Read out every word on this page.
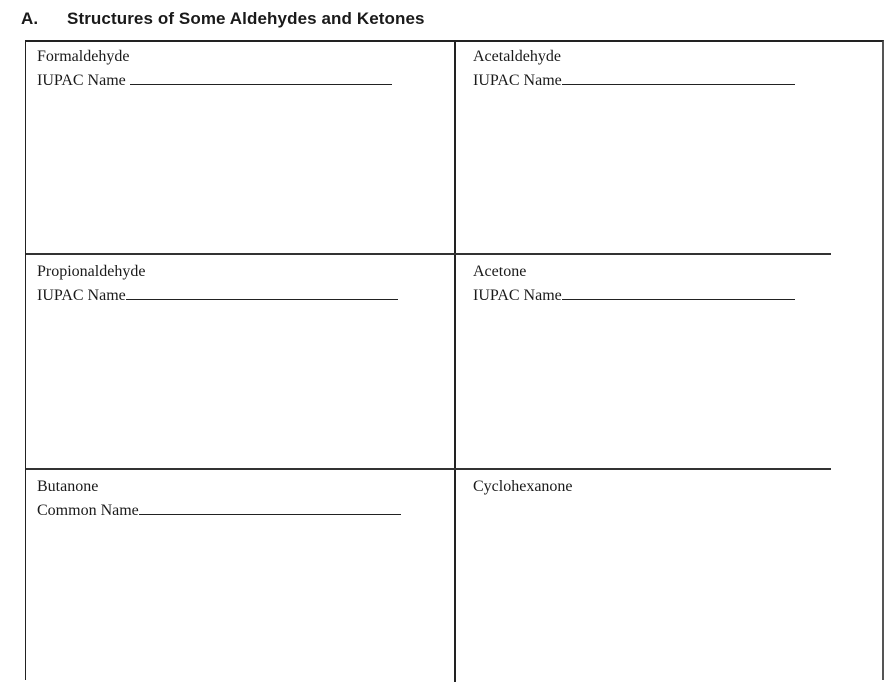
A. Structures of Some Aldehydes and Ketones
Formaldehyde
IUPAC Name
Acetaldehyde
IUPAC Name
Propionaldehyde
IUPAC Name
Acetone
IUPAC Name
Butanone
Common Name
Cyclohexanone
